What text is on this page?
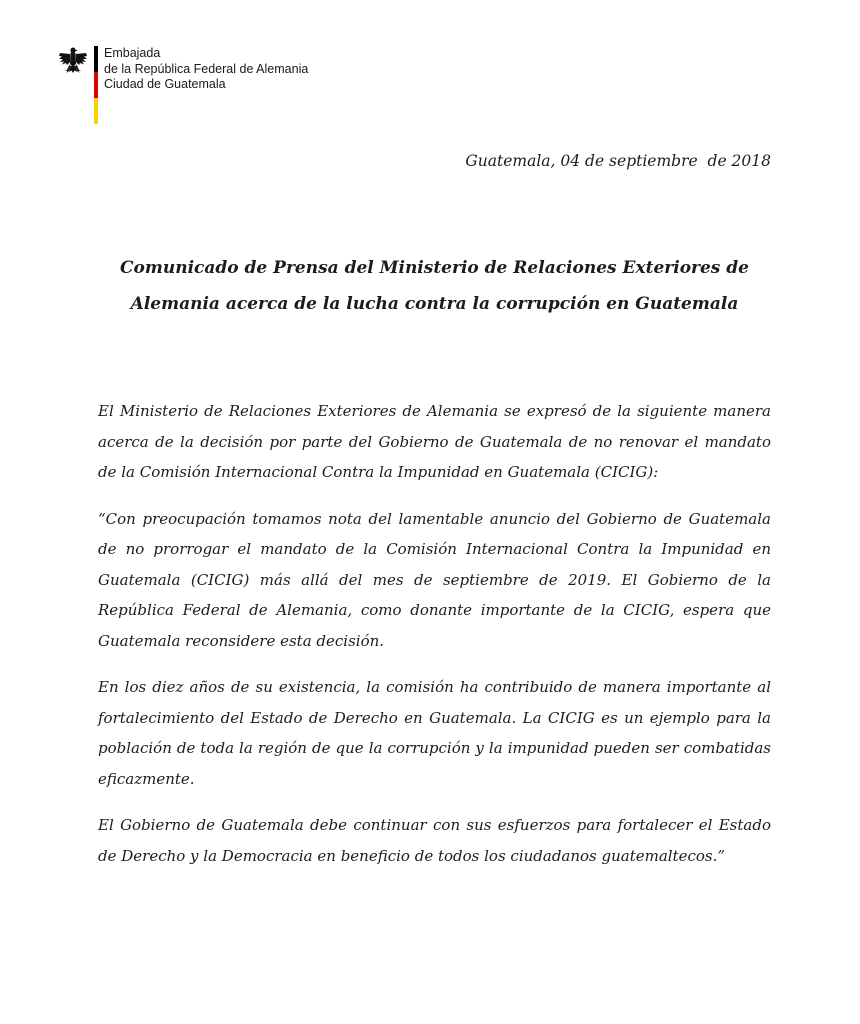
Embajada
de la República Federal de Alemania
Ciudad de Guatemala
Guatemala, 04 de septiembre  de 2018
Comunicado de Prensa del Ministerio de Relaciones Exteriores de
Alemania acerca de la lucha contra la corrupción en Guatemala

El Ministerio de Relaciones Exteriores de Alemania se expresó de la siguiente manera acerca de la decisión por parte del Gobierno de Guatemala de no renovar el mandato de la Comisión Internacional Contra la Impunidad en Guatemala (CICIG):

“Con preocupación tomamos nota del lamentable anuncio del Gobierno de Guatemala de no prorrogar el mandato de la Comisión Internacional Contra la Impunidad en Guatemala (CICIG) más allá del mes de septiembre de 2019. El Gobierno de la República Federal de Alemania, como donante importante de la CICIG, espera que Guatemala reconsidere esta decisión.

En los diez años de su existencia, la comisión ha contribuido de manera importante al fortalecimiento del Estado de Derecho en Guatemala. La CICIG es un ejemplo para la población de toda la región de que la corrupción y la impunidad pueden ser combatidas eficazmente.

El Gobierno de Guatemala debe continuar con sus esfuerzos para fortalecer el Estado de Derecho y la Democracia en beneficio de todos los ciudadanos guatemaltecos.”
